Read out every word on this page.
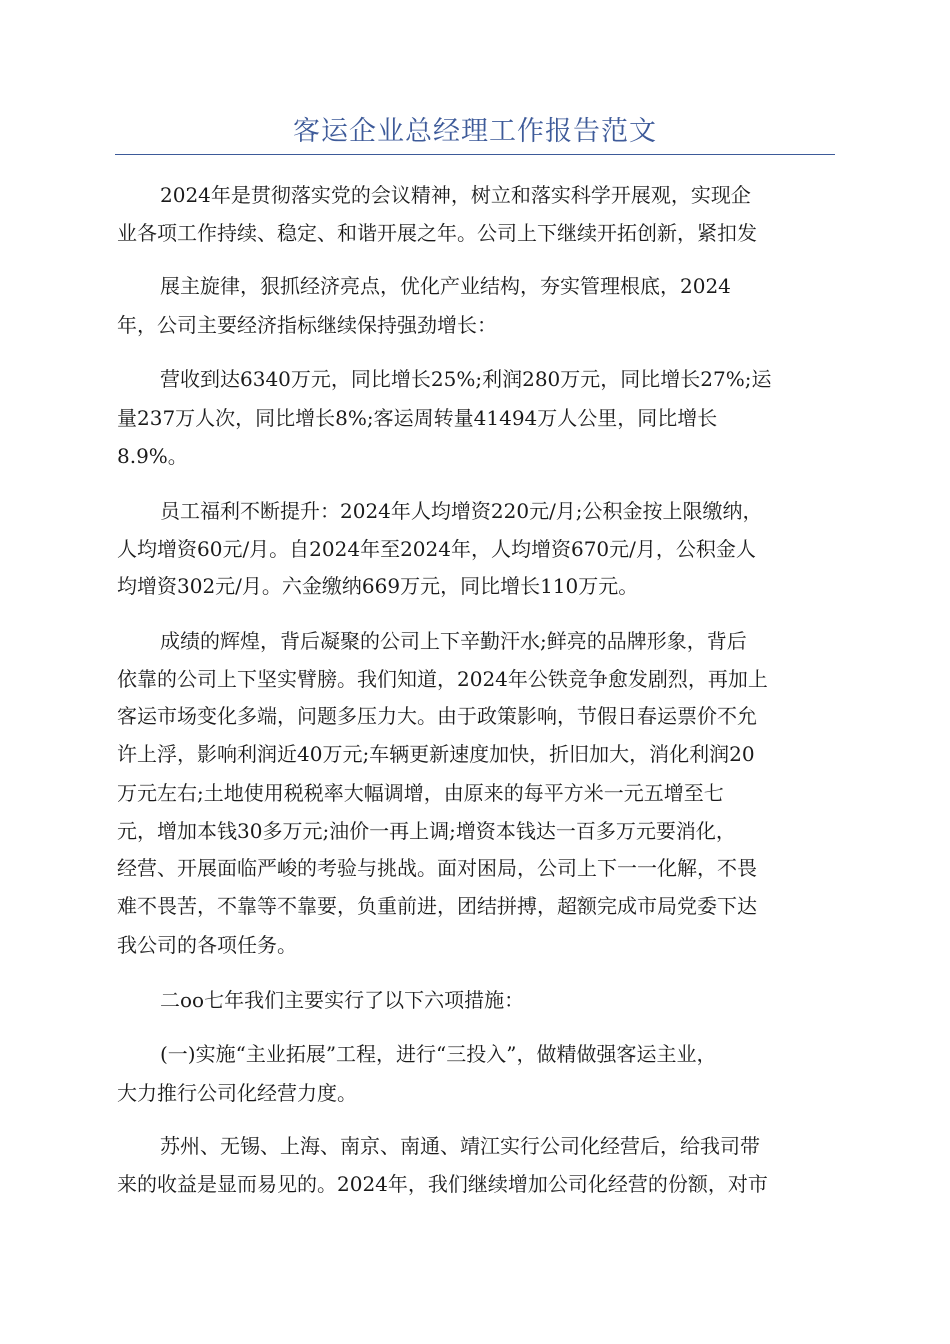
客运企业总经理工作报告范文

2024年是贯彻落实党的会议精神，树立和落实科学开展观，实现企

业各项工作持续、稳定、和谐开展之年。公司上下继续开拓创新，紧扣发

展主旋律，狠抓经济亮点，优化产业结构，夯实管理根底，2024

年，公司主要经济指标继续保持强劲增长：

营收到达6340万元，同比增长25%;利润280万元，同比增长27%;运

量237万人次，同比增长8%;客运周转量41494万人公里，同比增长

8.9%。

员工福利不断提升：2024年人均增资220元/月;公积金按上限缴纳，

人均增资60元/月。自2024年至2024年，人均增资670元/月，公积金人

均增资302元/月。六金缴纳669万元，同比增长110万元。

成绩的辉煌，背后凝聚的公司上下辛勤汗水;鲜亮的品牌形象，背后

依靠的公司上下坚实臂膀。我们知道，2024年公铁竞争愈发剧烈，再加上

客运市场变化多端，问题多压力大。由于政策影响，节假日春运票价不允

许上浮，影响利润近40万元;车辆更新速度加快，折旧加大，消化利润20

万元左右;土地使用税税率大幅调增，由原来的每平方米一元五增至七

元，增加本钱30多万元;油价一再上调;增资本钱达一百多万元要消化，

经营、开展面临严峻的考验与挑战。面对困局，公司上下一一化解，不畏

难不畏苦，不靠等不靠要，负重前进，团结拼搏，超额完成市局党委下达

我公司的各项任务。

二oo七年我们主要实行了以下六项措施：

(一)实施“主业拓展”工程，进行“三投入”，做精做强客运主业，

大力推行公司化经营力度。

苏州、无锡、上海、南京、南通、靖江实行公司化经营后，给我司带

来的收益是显而易见的。2024年，我们继续增加公司化经营的份额，对市
